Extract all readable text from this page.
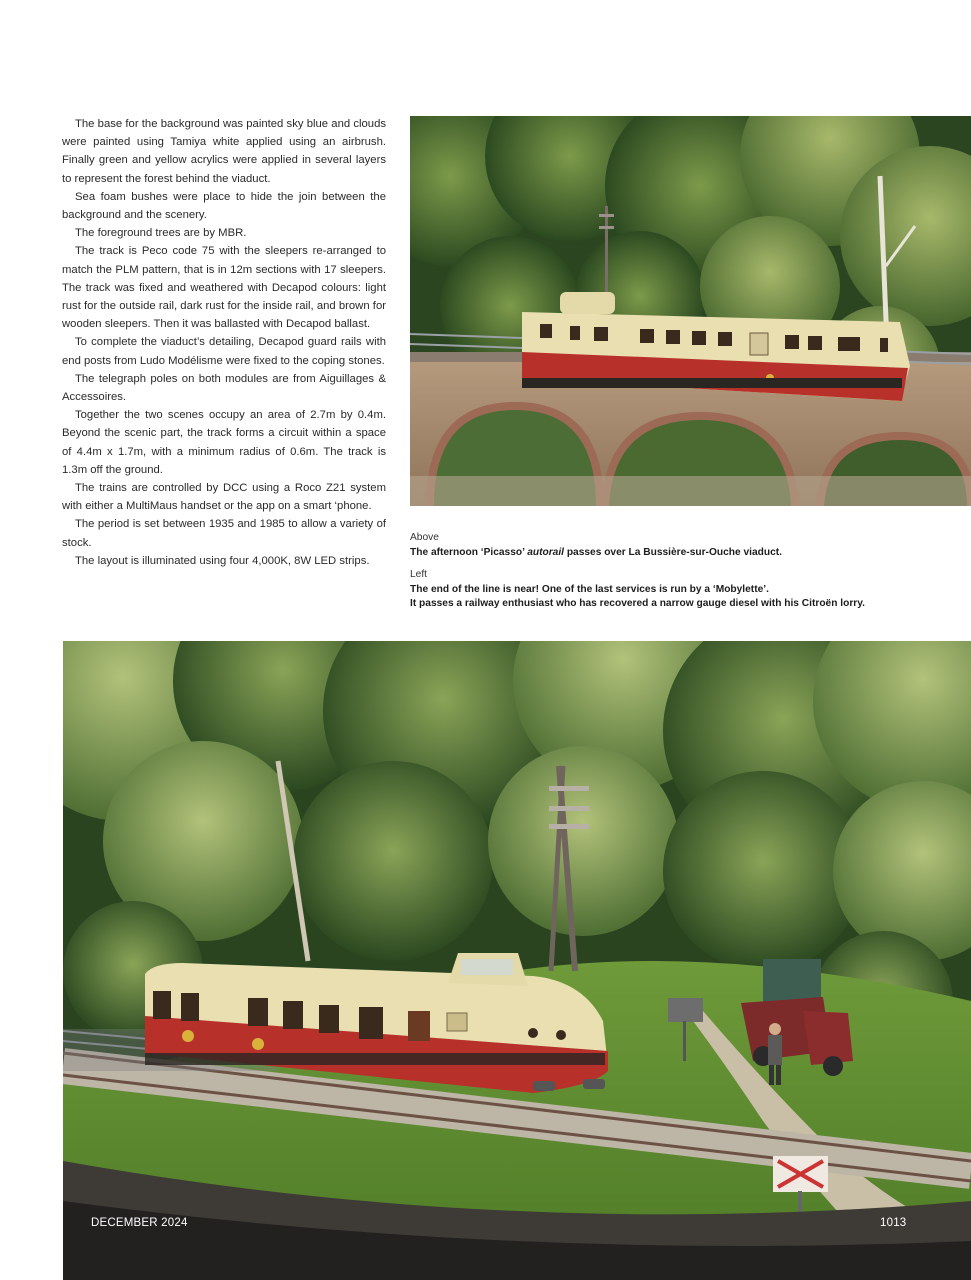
The base for the background was painted sky blue and clouds were painted using Tamiya white applied using an airbrush. Finally green and yellow acrylics were applied in several layers to represent the forest behind the viaduct.

Sea foam bushes were place to hide the join between the background and the scenery.

The foreground trees are by MBR.

The track is Peco code 75 with the sleepers re-arranged to match the PLM pattern, that is in 12m sections with 17 sleepers. The track was fixed and weathered with Decapod colours: light rust for the outside rail, dark rust for the inside rail, and brown for wooden sleepers. Then it was ballasted with Decapod ballast.

To complete the viaduct’s detailing, Decapod guard rails with end posts from Ludo Modélisme were fixed to the coping stones.

The telegraph poles on both modules are from Aiguillages & Accessoires.

Together the two scenes occupy an area of 2.7m by 0.4m. Beyond the scenic part, the track forms a circuit within a space of 4.4m x 1.7m, with a minimum radius of 0.6m. The track is 1.3m off the ground.

The trains are controlled by DCC using a Roco Z21 system with either a MultiMaus handset or the app on a smart ‘phone.

The period is set between 1935 and 1985 to allow a variety of stock.

The layout is illuminated using four 4,000K, 8W LED strips.

Above
The afternoon ‘Picasso’ autorail passes over La Bussière-sur-Ouche viaduct.
Left
The end of the line is near! One of the last services is run by a ‘Mobylette’.
It passes a railway enthusiast who has recovered a narrow gauge diesel with his Citroën lorry.
DECEMBER 2024	1013
